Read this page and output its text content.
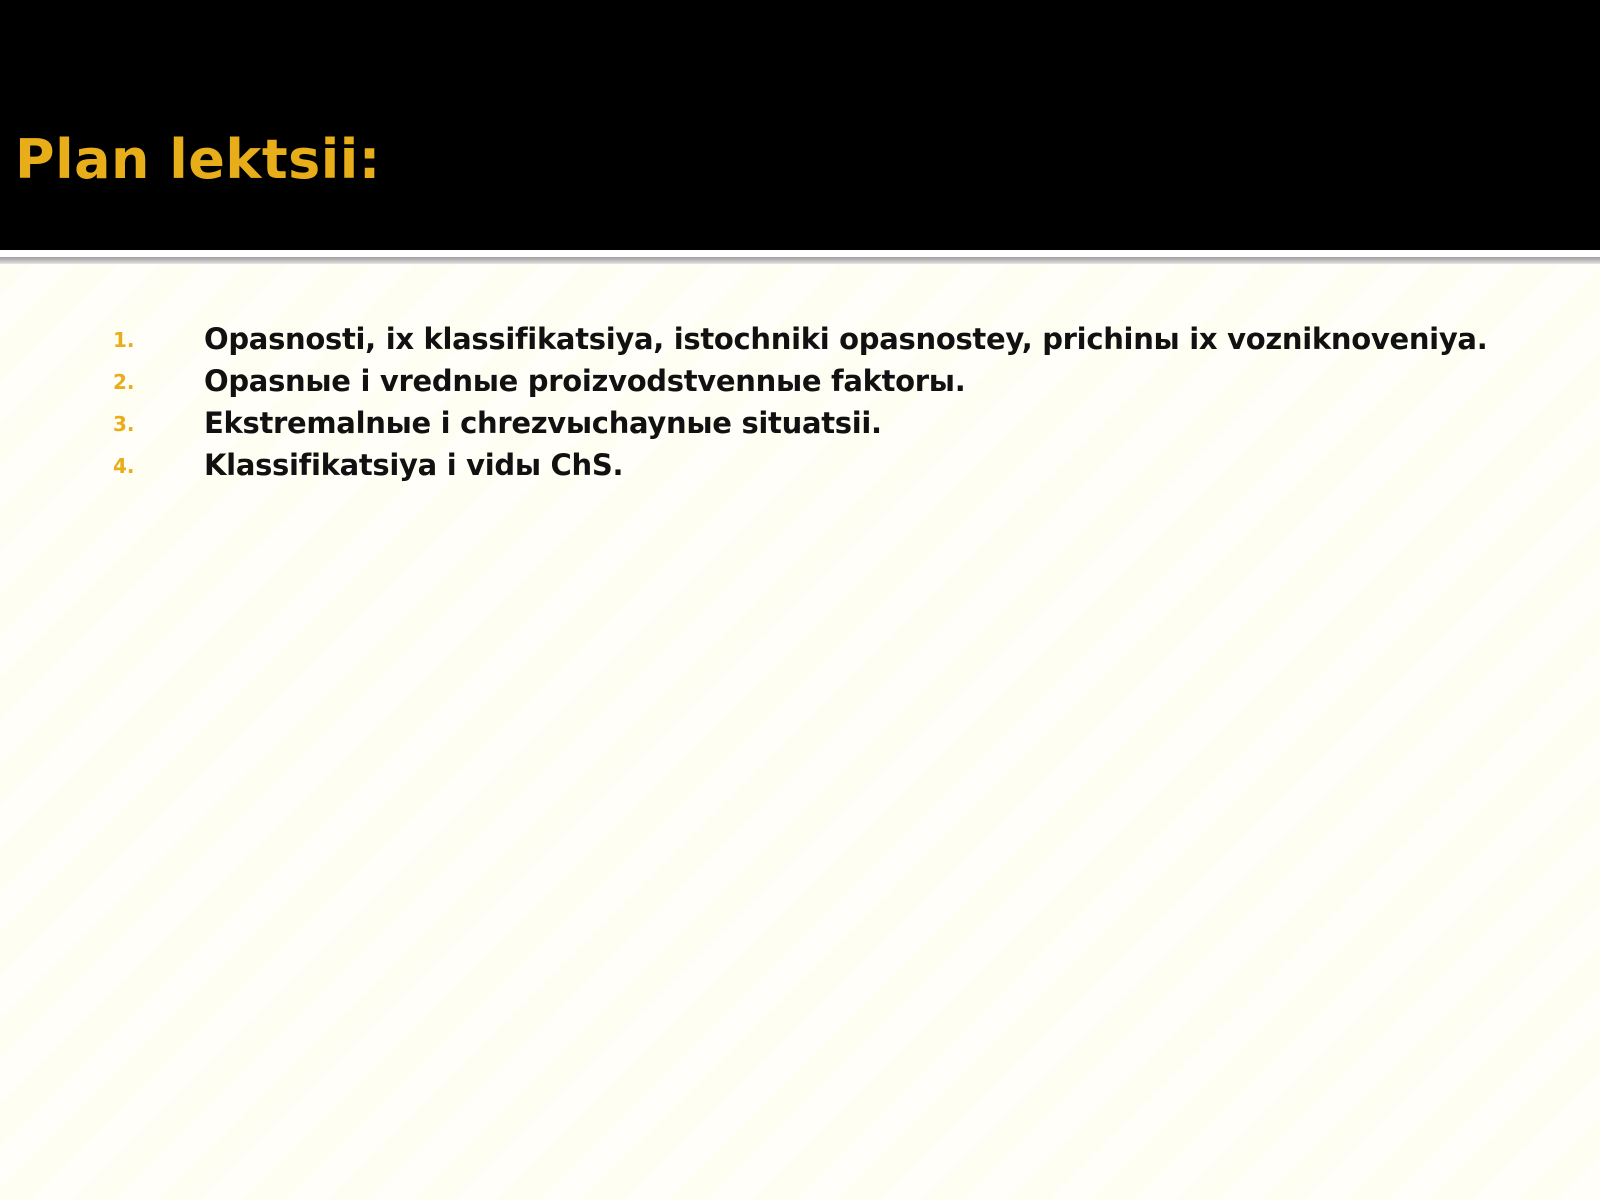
Plan lektsii:
1. Opasnosti, ix klassifikatsiya, istochniki opasnostey, prichinы ix vozniknoveniya.
2. Opasnыe i vrednыe proizvodstvennыe faktorы.
3. Ekstremalnыe i chrezvыchaynыe situatsii.
4. Klassifikatsiya i vidы ChS.
